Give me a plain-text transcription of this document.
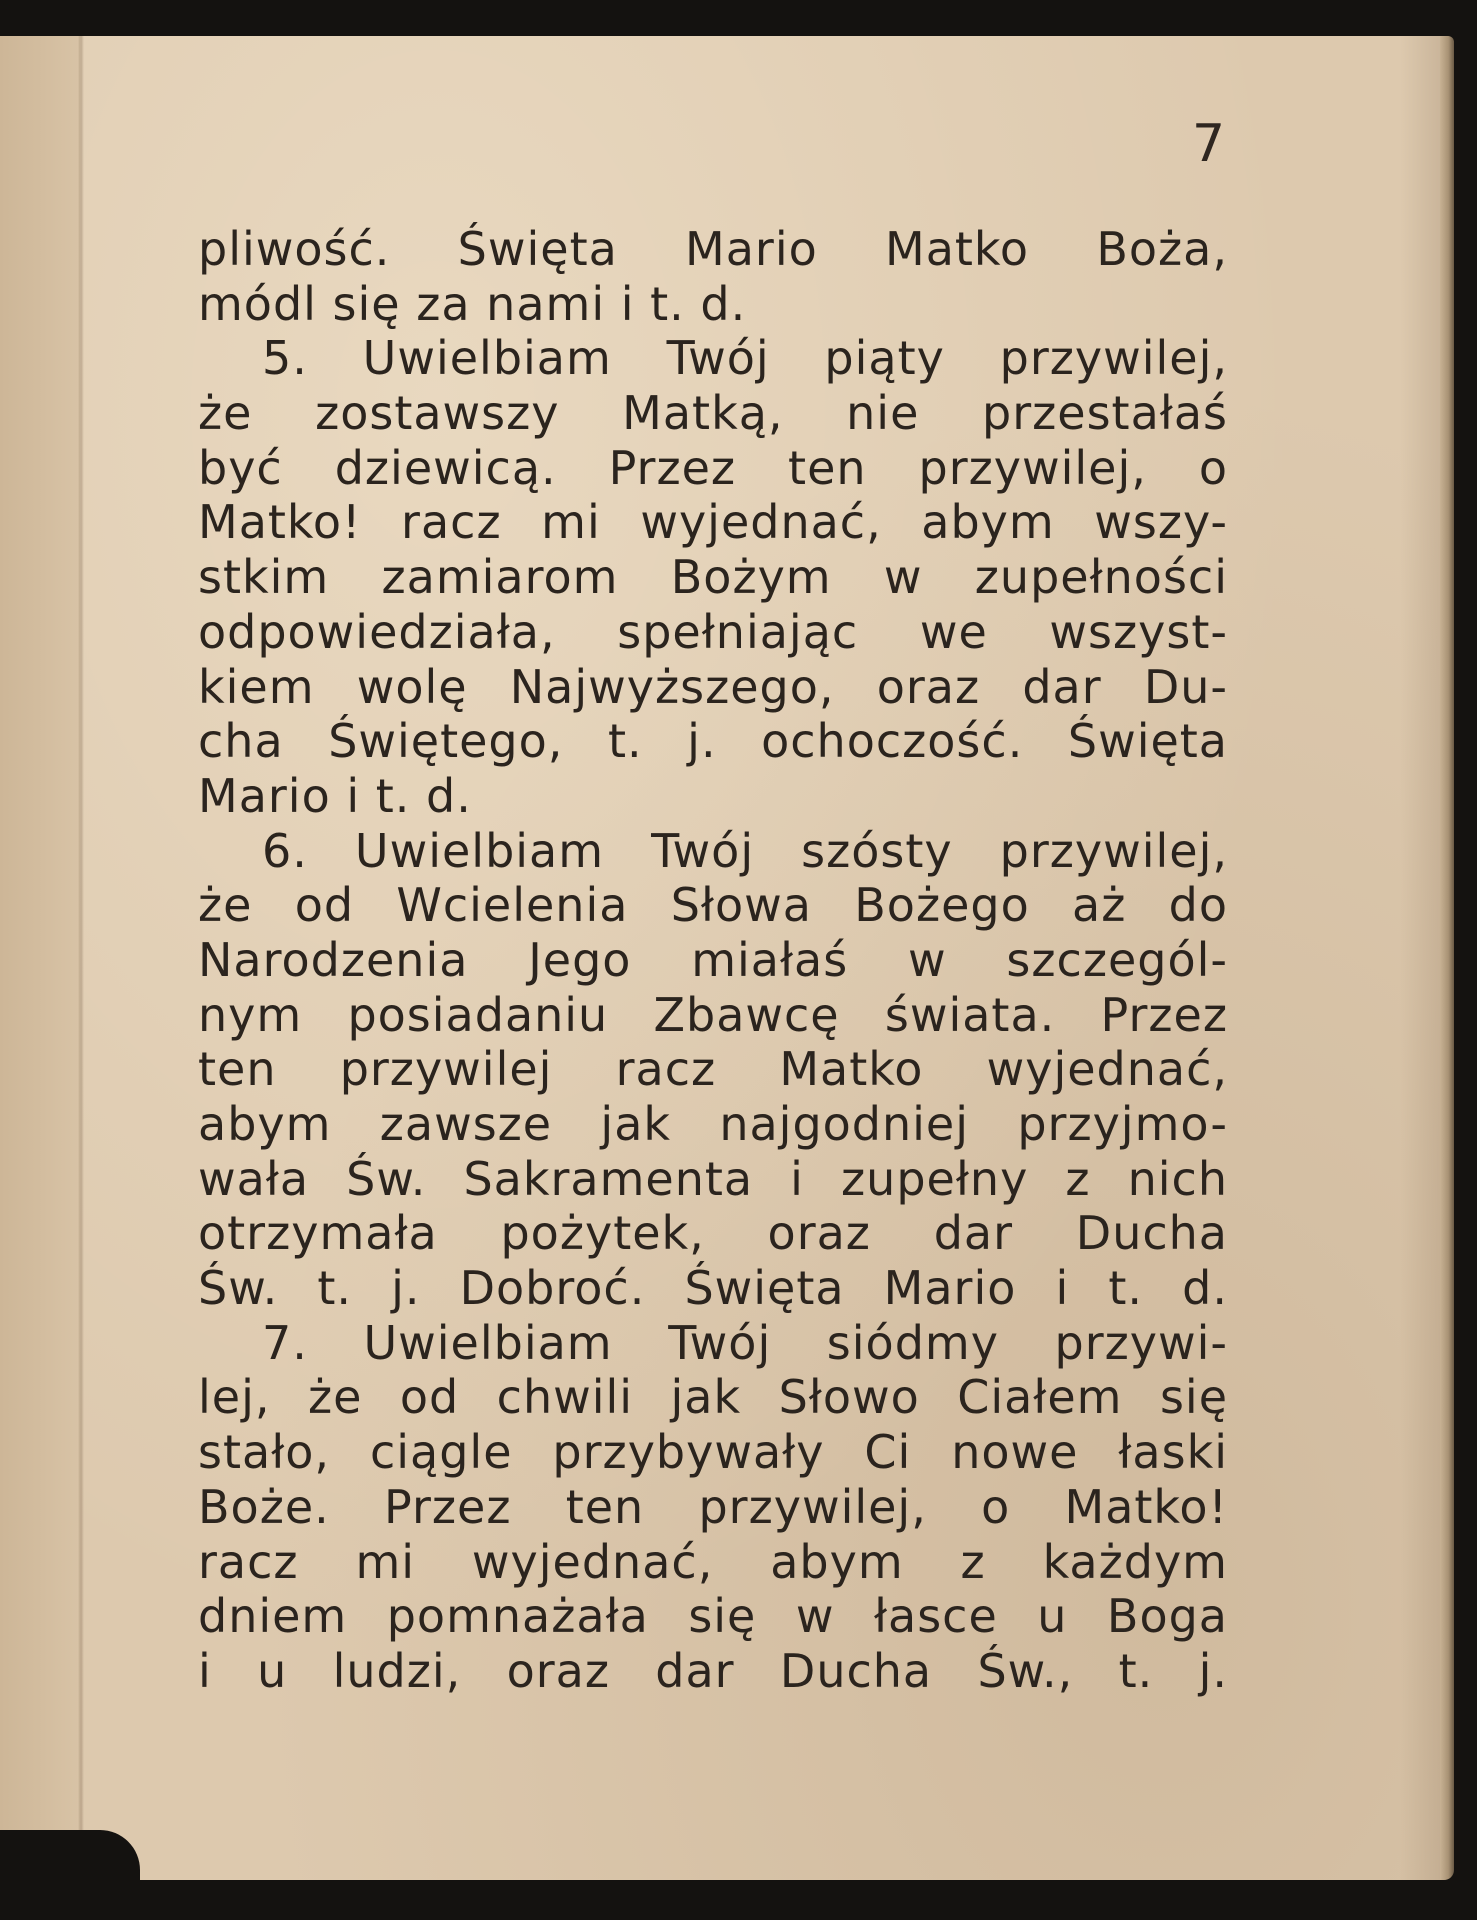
7
pliwość. Święta Mario Matko Boża,
módl się za nami i t. d.
5. Uwielbiam Twój piąty przywilej,
że zostawszy Matką, nie przestałaś
być dziewicą. Przez ten przywilej, o
Matko! racz mi wyjednać, abym wszy-
stkim zamiarom Bożym w zupełności
odpowiedziała, spełniając we wszyst-
kiem wolę Najwyższego, oraz dar Du-
cha Świętego, t. j. ochoczość. Święta
Mario i t. d.
6. Uwielbiam Twój szósty przywilej,
że od Wcielenia Słowa Bożego aż do
Narodzenia Jego miałaś w szczegól-
nym posiadaniu Zbawcę świata. Przez
ten przywilej racz Matko wyjednać,
abym zawsze jak najgodniej przyjmo-
wała Św. Sakramenta i zupełny z nich
otrzymała pożytek, oraz dar Ducha
Św. t. j. Dobroć. Święta Mario i t. d.
7. Uwielbiam Twój siódmy przywi-
lej, że od chwili jak Słowo Ciałem się
stało, ciągle przybywały Ci nowe łaski
Boże. Przez ten przywilej, o Matko!
racz mi wyjednać, abym z każdym
dniem pomnażała się w łasce u Boga
i u ludzi, oraz dar Ducha Św., t. j.
